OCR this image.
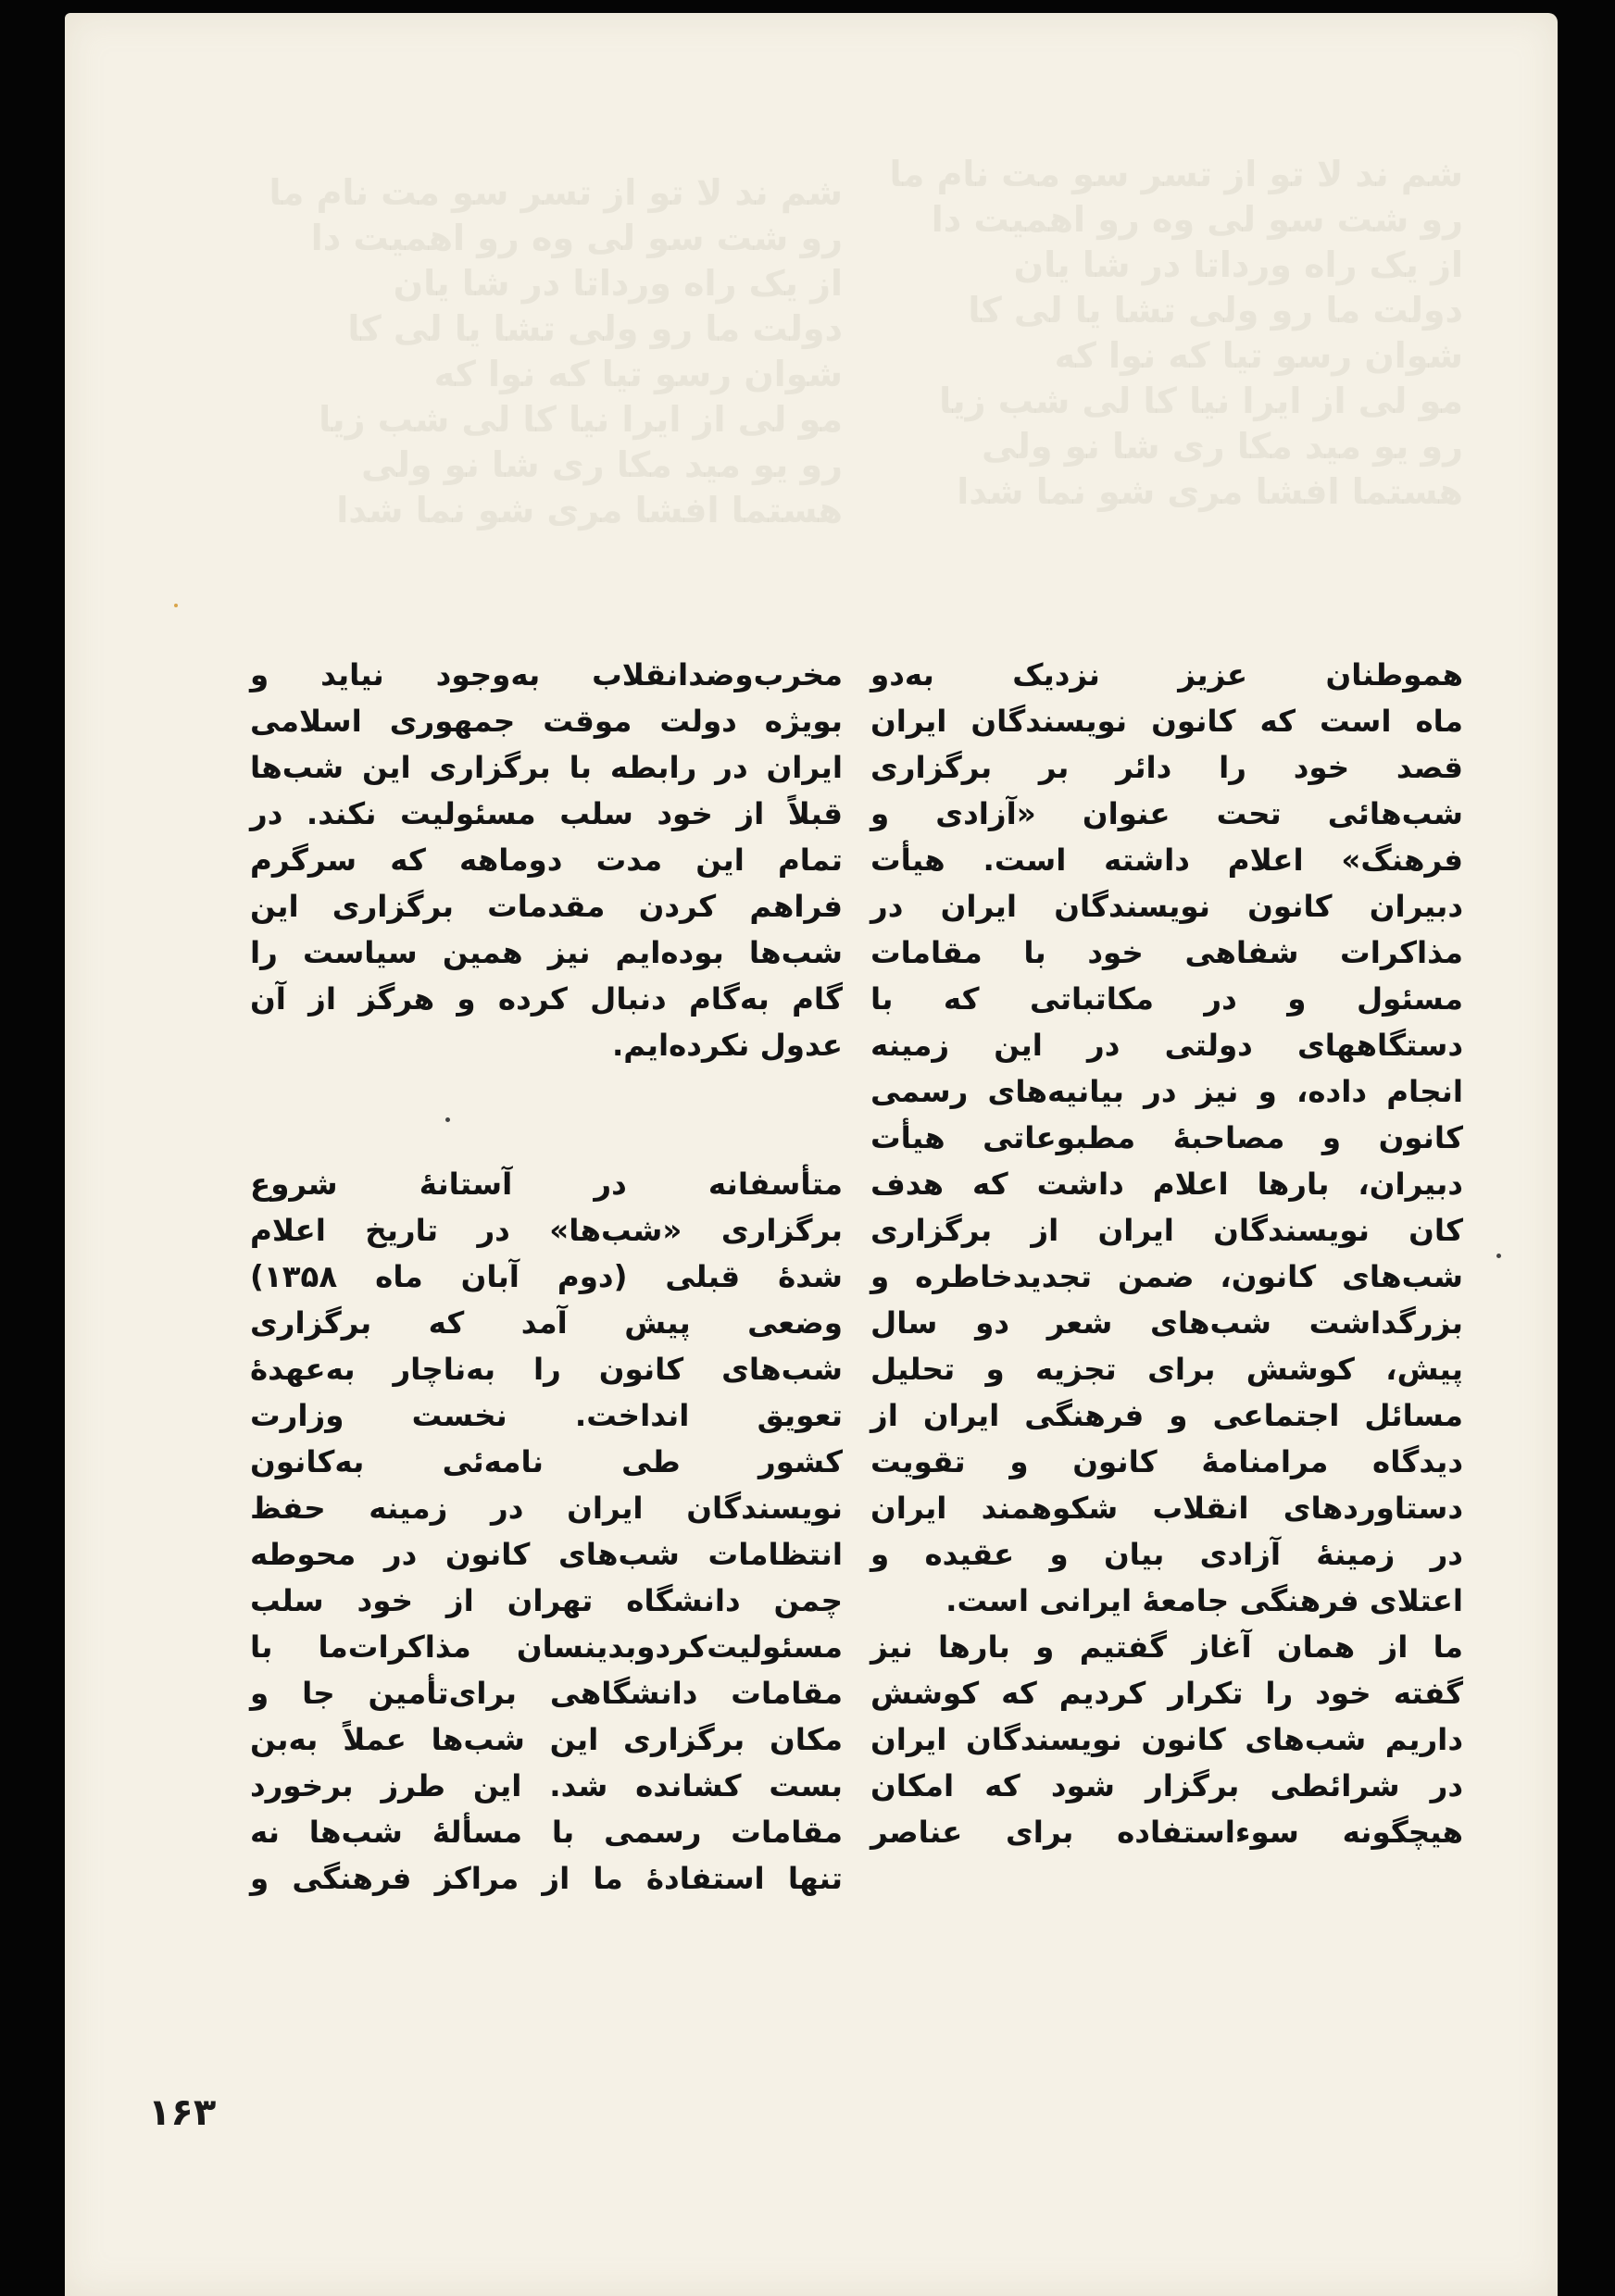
ﺷﻢ ﻧﺪ ﻻ ﺗﻮ ﺍﺯ ﺗﺴﺮ ﺳﻮ ﻣﺖ ﻧﺎﻡ ﻣﺎ
ﺭﻭ ﺷﺖ ﺳﻮ ﻟﯽ ﻭﻩ ﺭﻭ ﺍﻫﻤﯿﺖ ﺩﺍ
ﺍﺯ ﯾﮏ ﺭﺍﻩ ﻭﺭﺩﺍﺗﺎ ﺩﺭ ﺷﺎ ﯾﺎﻥ
ﺩﻭﻟﺖ ﻣﺎ ﺭﻭ ﻭﻟﯽ ﺗﺸﺎ ﯾﺎ ﻟﯽ ﮐﺎ
ﺷﻮﺍﻥ ﺭﺳﻮ ﺗﯿﺎ ﮐﻪ ﻧﻮﺍ ﮐﻪ
ﻣﻮ ﻟﯽ ﺍﺯ ﺍﯾﺮﺍ ﻧﯿﺎ ﮐﺎ ﻟﯽ ﺷﺐ ﺯﯾﺎ
ﺭﻭ ﯾﻮ ﻣﯿﺪ ﻣﮑﺎ ﺭﯼ ﺷﺎ ﻧﻮ ﻭﻟﯽ
ﻫﺴﺘﻤﺎ ﺍﻓﺸﺎ ﻣﺮﯼ ﺷﻮ ﻧﻤﺎ ﺷﺪﺍ
ﺷﻢ ﻧﺪ ﻻ ﺗﻮ ﺍﺯ ﺗﺴﺮ ﺳﻮ ﻣﺖ ﻧﺎﻡ ﻣﺎ
ﺭﻭ ﺷﺖ ﺳﻮ ﻟﯽ ﻭﻩ ﺭﻭ ﺍﻫﻤﯿﺖ ﺩﺍ
ﺍﺯ ﯾﮏ ﺭﺍﻩ ﻭﺭﺩﺍﺗﺎ ﺩﺭ ﺷﺎ ﯾﺎﻥ
ﺩﻭﻟﺖ ﻣﺎ ﺭﻭ ﻭﻟﯽ ﺗﺸﺎ ﯾﺎ ﻟﯽ ﮐﺎ
ﺷﻮﺍﻥ ﺭﺳﻮ ﺗﯿﺎ ﮐﻪ ﻧﻮﺍ ﮐﻪ
ﻣﻮ ﻟﯽ ﺍﺯ ﺍﯾﺮﺍ ﻧﯿﺎ ﮐﺎ ﻟﯽ ﺷﺐ ﺯﯾﺎ
ﺭﻭ ﯾﻮ ﻣﯿﺪ ﻣﮑﺎ ﺭﯼ ﺷﺎ ﻧﻮ ﻭﻟﯽ
ﻫﺴﺘﻤﺎ ﺍﻓﺸﺎ ﻣﺮﯼ ﺷﻮ ﻧﻤﺎ ﺷﺪﺍ
هموطنان عزیز نزدیک به‌دو
ماه است که کانون نویسندگان ایران
قصد خود را دائر بر برگزاری
شب‌هائی تحت عنوان «آزادی و
فرهنگ» اعلام داشته است. هیأت
دبیران کانون نویسندگان ایران در
مذاکرات شفاهی خود با مقامات
مسئول و در مکاتباتی که با
دستگاههای دولتی در این زمینه
انجام داده، و نیز در بیانیه‌های رسمی
کانون و مصاحبهٔ مطبوعاتی هیأت
دبیران، بارها اعلام داشت که هدف
کان نویسندگان ایران از برگزاری
شب‌های کانون، ضمن تجدیدخاطره و
بزرگداشت شب‌های شعر دو سال
پیش، کوشش برای تجزیه و تحلیل
مسائل اجتماعی و فرهنگی ایران از
دیدگاه مرامنامهٔ کانون و تقویت
دستاوردهای انقلاب شکوهمند ایران
در زمینهٔ آزادی بیان و عقیده و
اعتلای فرهنگی جامعهٔ ایرانی است.
ما از همان آغاز گفتیم و بارها نیز
گفته خود را تکرار کردیم که کوشش
داریم شب‌های کانون نویسندگان ایران
در شرائطی برگزار شود که امکان
هیچگونه سوءاستفاده برای عناصر
مخرب‌وضدانقلاب به‌وجود نیاید و
بویژه دولت موقت جمهوری اسلامی
ایران در رابطه با برگزاری این شب‌ها
قبلاً از خود سلب مسئولیت نکند. در
تمام این مدت دوماهه که سرگرم
فراهم کردن مقدمات برگزاری این
شب‌ها بوده‌ایم نیز همین سیاست را
گام به‌گام دنبال کرده و هرگز از آن
عدول نکرده‌ایم.
متأسفانه در آستانهٔ شروع
برگزاری «شب‌ها» در تاریخ اعلام
شدهٔ قبلی (دوم آبان ماه ۱۳۵۸)
وضعی پیش آمد که برگزاری
شب‌های کانون را به‌ناچار به‌عهدهٔ
تعویق انداخت. نخست وزارت
کشور طی نامه‌ئی به‌کانون
نویسندگان ایران در زمینه حفظ
انتظامات شب‌های کانون در محوطه
چمن دانشگاه تهران از خود سلب
مسئولیت‌کردوبدینسان مذاکرات‌ما با
مقامات دانشگاهی برای‌تأمین جا و
مکان برگزاری این شب‌ها عملاً به‌بن
بست کشانده شد. این طرز برخورد
مقامات رسمی با مسألهٔ شب‌ها نه
تنها استفادهٔ ما از مراکز فرهنگی و
۱۶۳
